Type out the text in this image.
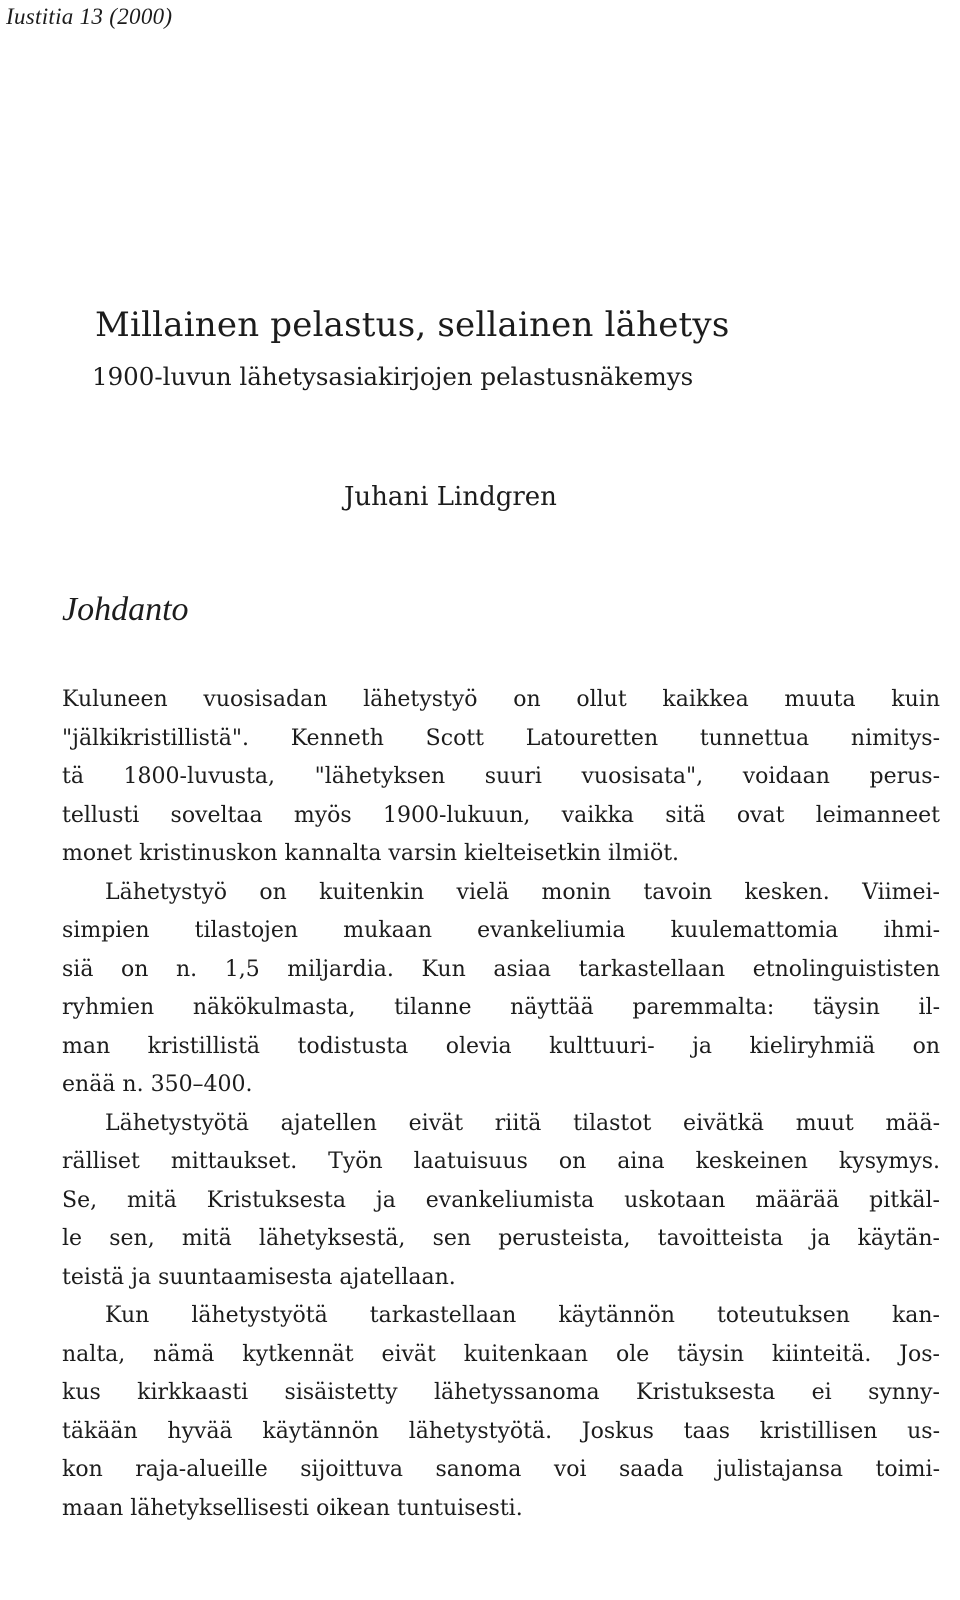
Iustitia 13 (2000)
Millainen pelastus, sellainen lähetys
1900-luvun lähetysasiakirjojen pelastusnäkemys
Juhani Lindgren
Johdanto
Kuluneen vuosisadan lähetystyö on ollut kaikkea muuta kuin
"jälkikristillistä". Kenneth Scott Latouretten tunnettua nimitys-
tä 1800-luvusta, "lähetyksen suuri vuosisata", voidaan perus-
tellusti soveltaa myös 1900-lukuun, vaikka sitä ovat leimanneet
monet kristinuskon kannalta varsin kielteisetkin ilmiöt.
Lähetystyö on kuitenkin vielä monin tavoin kesken. Viimei-
simpien tilastojen mukaan evankeliumia kuulemattomia ihmi-
siä on n. 1,5 miljardia. Kun asiaa tarkastellaan etnolinguististen
ryhmien näkökulmasta, tilanne näyttää paremmalta: täysin il-
man kristillistä todistusta olevia kulttuuri- ja kieliryhmiä on
enää n. 350–400.
Lähetystyötä ajatellen eivät riitä tilastot eivätkä muut mää-
rälliset mittaukset. Työn laatuisuus on aina keskeinen kysymys.
Se, mitä Kristuksesta ja evankeliumista uskotaan määrää pitkäl-
le sen, mitä lähetyksestä, sen perusteista, tavoitteista ja käytän-
teistä ja suuntaamisesta ajatellaan.
Kun lähetystyötä tarkastellaan käytännön toteutuksen kan-
nalta, nämä kytkennät eivät kuitenkaan ole täysin kiinteitä. Jos-
kus kirkkaasti sisäistetty lähetyssanoma Kristuksesta ei synny-
täkään hyvää käytännön lähetystyötä. Joskus taas kristillisen us-
kon raja-alueille sijoittuva sanoma voi saada julistajansa toimi-
maan lähetyksellisesti oikean tuntuisesti.
